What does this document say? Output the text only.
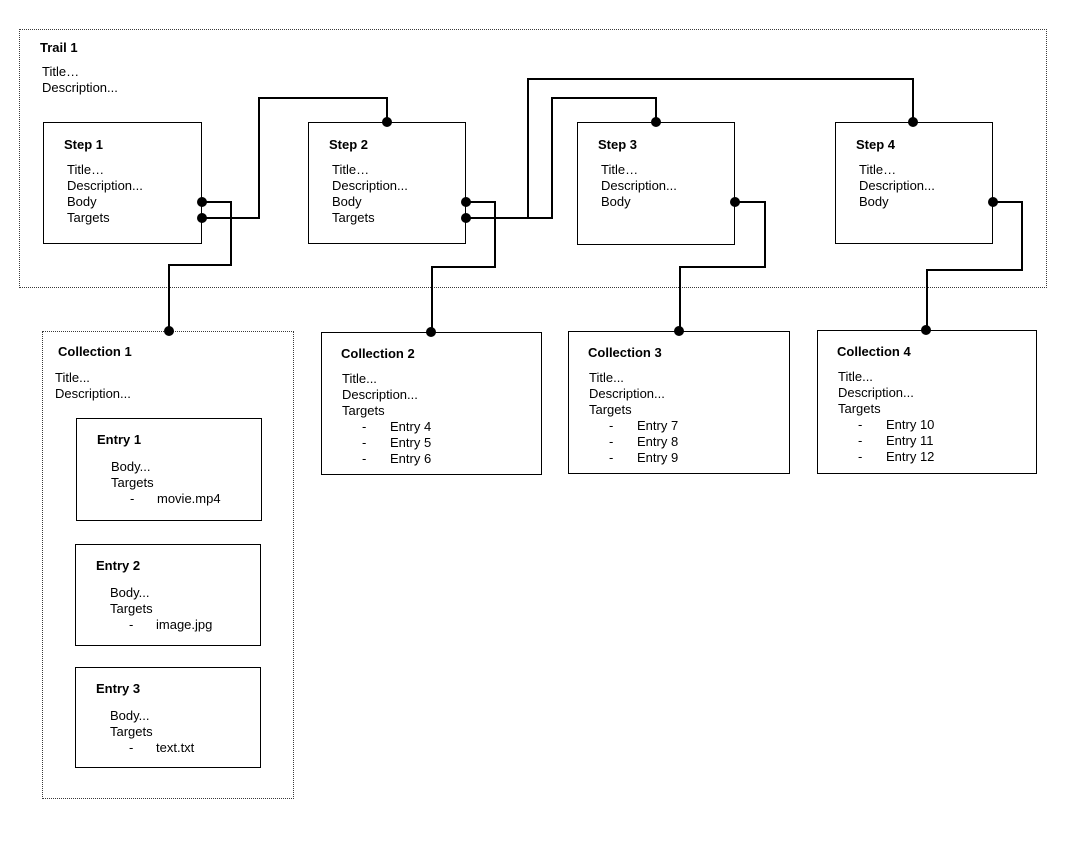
Trail 1
Title…
Description...
Step 1
Title…
Description...
Body
Targets
Step 2
Title…
Description...
Body
Targets
Step 3
Title…
Description...
Body
Step 4
Title…
Description...
Body
Collection 1
Title...
Description...
Entry 1
Body...
Targets
-	movie.mp4
Entry 2
Body...
Targets
-	image.jpg
Entry 3
Body...
Targets
-	text.txt
Collection 2
Title...
Description...
Targets
-	Entry 4
-	Entry 5
-	Entry 6
Collection 3
Title...
Description...
Targets
-	Entry 7
-	Entry 8
-	Entry 9
Collection 4
Title...
Description...
Targets
-	Entry 10
-	Entry 11
-	Entry 12
